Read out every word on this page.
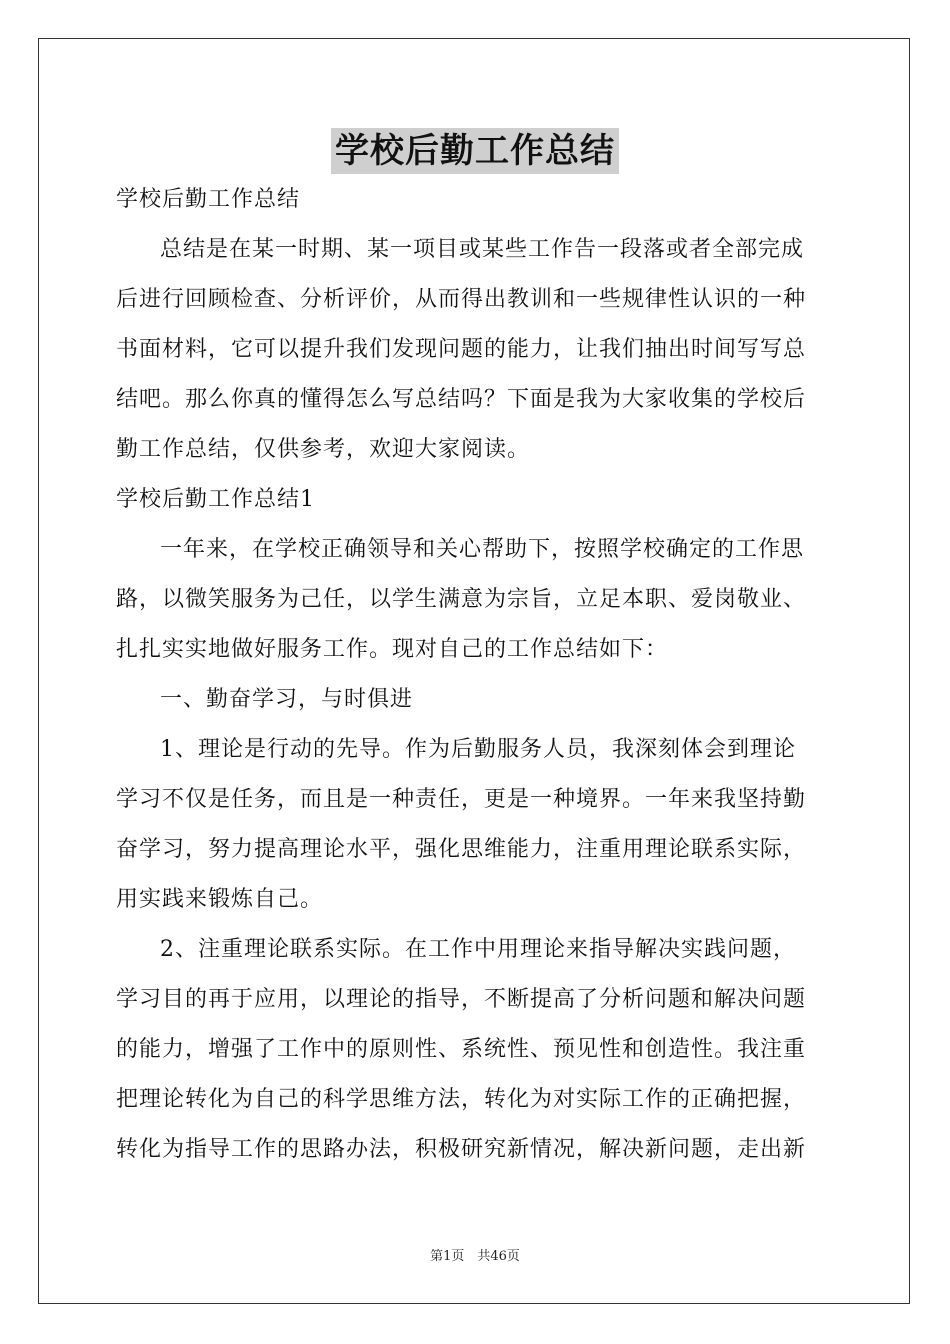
学校后勤工作总结
学校后勤工作总结
总结是在某一时期、某一项目或某些工作告一段落或者全部完成
后进行回顾检查、分析评价，从而得出教训和一些规律性认识的一种
书面材料，它可以提升我们发现问题的能力，让我们抽出时间写写总
结吧。那么你真的懂得怎么写总结吗？下面是我为大家收集的学校后
勤工作总结，仅供参考，欢迎大家阅读。
学校后勤工作总结1
一年来，在学校正确领导和关心帮助下，按照学校确定的工作思
路，以微笑服务为己任，以学生满意为宗旨，立足本职、爱岗敬业、
扎扎实实地做好服务工作。现对自己的工作总结如下：
一、勤奋学习，与时俱进
1、理论是行动的先导。作为后勤服务人员，我深刻体会到理论
学习不仅是任务，而且是一种责任，更是一种境界。一年来我坚持勤
奋学习，努力提高理论水平，强化思维能力，注重用理论联系实际，
用实践来锻炼自己。
2、注重理论联系实际。在工作中用理论来指导解决实践问题，
学习目的再于应用，以理论的指导，不断提高了分析问题和解决问题
的能力，增强了工作中的原则性、系统性、预见性和创造性。我注重
把理论转化为自己的科学思维方法，转化为对实际工作的正确把握，
转化为指导工作的思路办法，积极研究新情况，解决新问题，走出新
第1页　共46页
